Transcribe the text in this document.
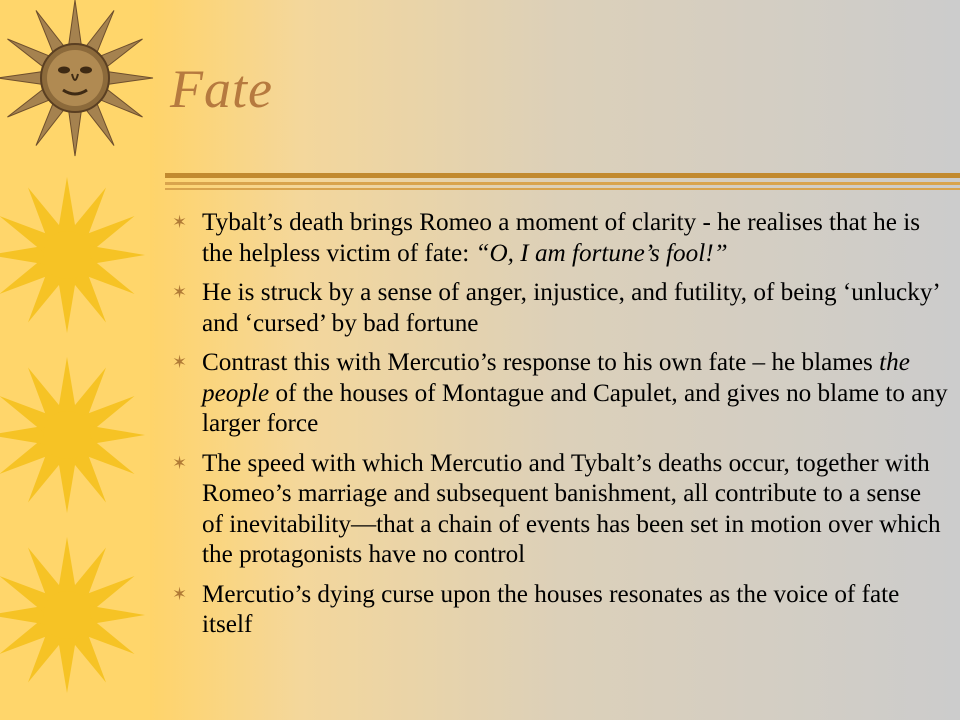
Fate
✶ Tybalt’s death brings Romeo a moment of clarity - he realises that he is the helpless victim of fate: “O, I am fortune’s fool!”
✶ He is struck by a sense of anger, injustice, and futility, of being ‘unlucky’ and ‘cursed’ by bad fortune
✶ Contrast this with Mercutio’s response to his own fate – he blames the people of the houses of Montague and Capulet, and gives no blame to any larger force
✶ The speed with which Mercutio and Tybalt’s deaths occur, together with Romeo’s marriage and subsequent banishment, all contribute to a sense of inevitability—that a chain of events has been set in motion over which the protagonists have no control
✶ Mercutio’s dying curse upon the houses resonates as the voice of fate itself
